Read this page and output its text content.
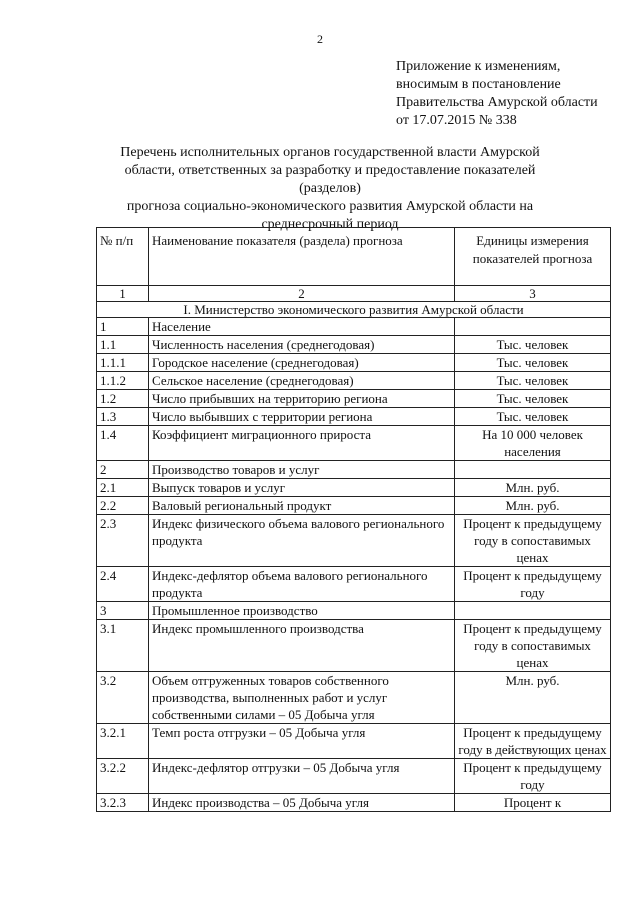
2
Приложение к изменениям,
вносимым в постановление
Правительства Амурской области
от 17.07.2015 № 338
Перечень исполнительных органов государственной власти Амурской
области, ответственных за разработку и предоставление показателей (разделов)
прогноза социально-экономического развития Амурской области на
среднесрочный период
№ п/п	Наименование показателя (раздела) прогноза	Единицы измерения показателей прогноза
1	2	3
I. Министерство экономического развития Амурской области		
1	Население	
1.1	Численность населения (среднегодовая)	Тыс. человек
1.1.1	Городское население (среднегодовая)	Тыс. человек
1.1.2	Сельское население (среднегодовая)	Тыс. человек
1.2	Число прибывших на территорию региона	Тыс. человек
1.3	Число выбывших с территории региона	Тыс. человек
1.4	Коэффициент миграционного прироста	На 10 000 человек населения
2	Производство товаров и услуг	
2.1	Выпуск товаров и услуг	Млн. руб.
2.2	Валовый региональный продукт	Млн. руб.
2.3	Индекс физического объема валового регионального продукта	Процент к предыдущему году в сопоставимых ценах
2.4	Индекс-дефлятор объема валового регионального продукта	Процент к предыдущему году
3	Промышленное производство	
3.1	Индекс промышленного производства	Процент к предыдущему году в сопоставимых ценах
3.2	Объем отгруженных товаров собственного производства, выполненных работ и услуг собственными силами – 05 Добыча угля	Млн. руб.
3.2.1	Темп роста отгрузки – 05 Добыча угля	Процент к предыдущему году в действующих ценах
3.2.2	Индекс-дефлятор отгрузки – 05 Добыча угля	Процент к предыдущему году
3.2.3	Индекс производства – 05 Добыча угля	Процент к
